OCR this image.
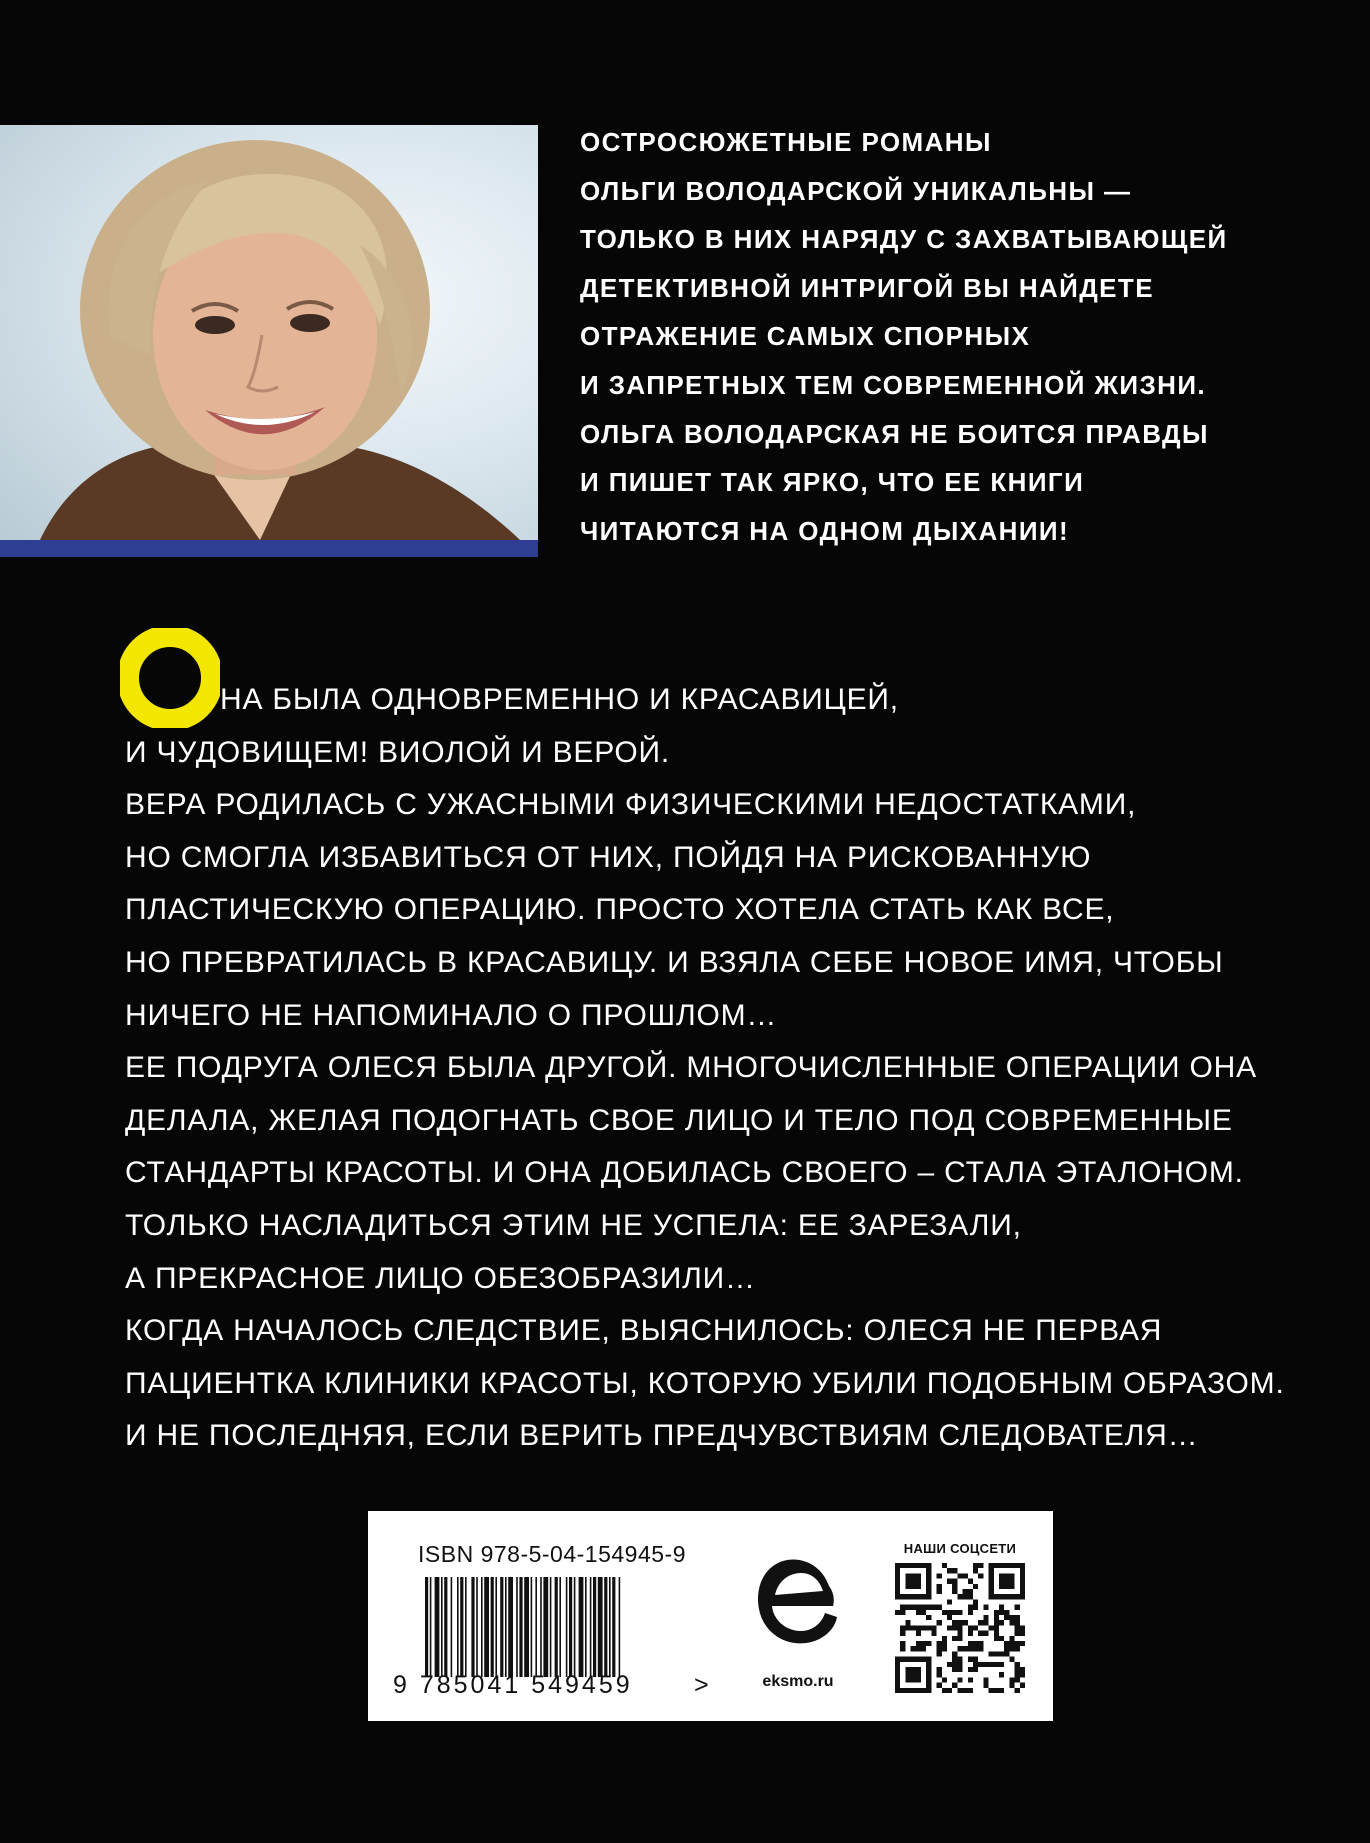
ОСТРОСЮЖЕТНЫЕ РОМАНЫ
ОЛЬГИ ВОЛОДАРСКОЙ УНИКАЛЬНЫ —
ТОЛЬКО В НИХ НАРЯДУ С ЗАХВАТЫВАЮЩЕЙ
ДЕТЕКТИВНОЙ ИНТРИГОЙ ВЫ НАЙДЕТЕ
ОТРАЖЕНИЕ САМЫХ СПОРНЫХ
И ЗАПРЕТНЫХ ТЕМ СОВРЕМЕННОЙ ЖИЗНИ.
ОЛЬГА ВОЛОДАРСКАЯ НЕ БОИТСЯ ПРАВДЫ
И ПИШЕТ ТАК ЯРКО, ЧТО ЕЕ КНИГИ
ЧИТАЮТСЯ НА ОДНОМ ДЫХАНИИ!
НА БЫЛА ОДНОВРЕМЕННО И КРАСАВИЦЕЙ,
И ЧУДОВИЩЕМ! ВИОЛОЙ И ВЕРОЙ.
ВЕРА РОДИЛАСЬ С УЖАСНЫМИ ФИЗИЧЕСКИМИ НЕДОСТАТКАМИ,
НО СМОГЛА ИЗБАВИТЬСЯ ОТ НИХ, ПОЙДЯ НА РИСКОВАННУЮ
ПЛАСТИЧЕСКУЮ ОПЕРАЦИЮ. ПРОСТО ХОТЕЛА СТАТЬ КАК ВСЕ,
НО ПРЕВРАТИЛАСЬ В КРАСАВИЦУ. И ВЗЯЛА СЕБЕ НОВОЕ ИМЯ, ЧТОБЫ
НИЧЕГО НЕ НАПОМИНАЛО О ПРОШЛОМ…
ЕЕ ПОДРУГА ОЛЕСЯ БЫЛА ДРУГОЙ. МНОГОЧИСЛЕННЫЕ ОПЕРАЦИИ ОНА
ДЕЛАЛА, ЖЕЛАЯ ПОДОГНАТЬ СВОЕ ЛИЦО И ТЕЛО ПОД СОВРЕМЕННЫЕ
СТАНДАРТЫ КРАСОТЫ. И ОНА ДОБИЛАСЬ СВОЕГО – СТАЛА ЭТАЛОНОМ.
ТОЛЬКО НАСЛАДИТЬСЯ ЭТИМ НЕ УСПЕЛА: ЕЕ ЗАРЕЗАЛИ,
А ПРЕКРАСНОЕ ЛИЦО ОБЕЗОБРАЗИЛИ…
КОГДА НАЧАЛОСЬ СЛЕДСТВИЕ, ВЫЯСНИЛОСЬ: ОЛЕСЯ НЕ ПЕРВАЯ
ПАЦИЕНТКА КЛИНИКИ КРАСОТЫ, КОТОРУЮ УБИЛИ ПОДОБНЫМ ОБРАЗОМ.
И НЕ ПОСЛЕДНЯЯ, ЕСЛИ ВЕРИТЬ ПРЕДЧУВСТВИЯМ СЛЕДОВАТЕЛЯ…
ISBN 978-5-04-154945-9
9 785041 549459 >	eksmo.ru
НАШИ СОЦСЕТИ
